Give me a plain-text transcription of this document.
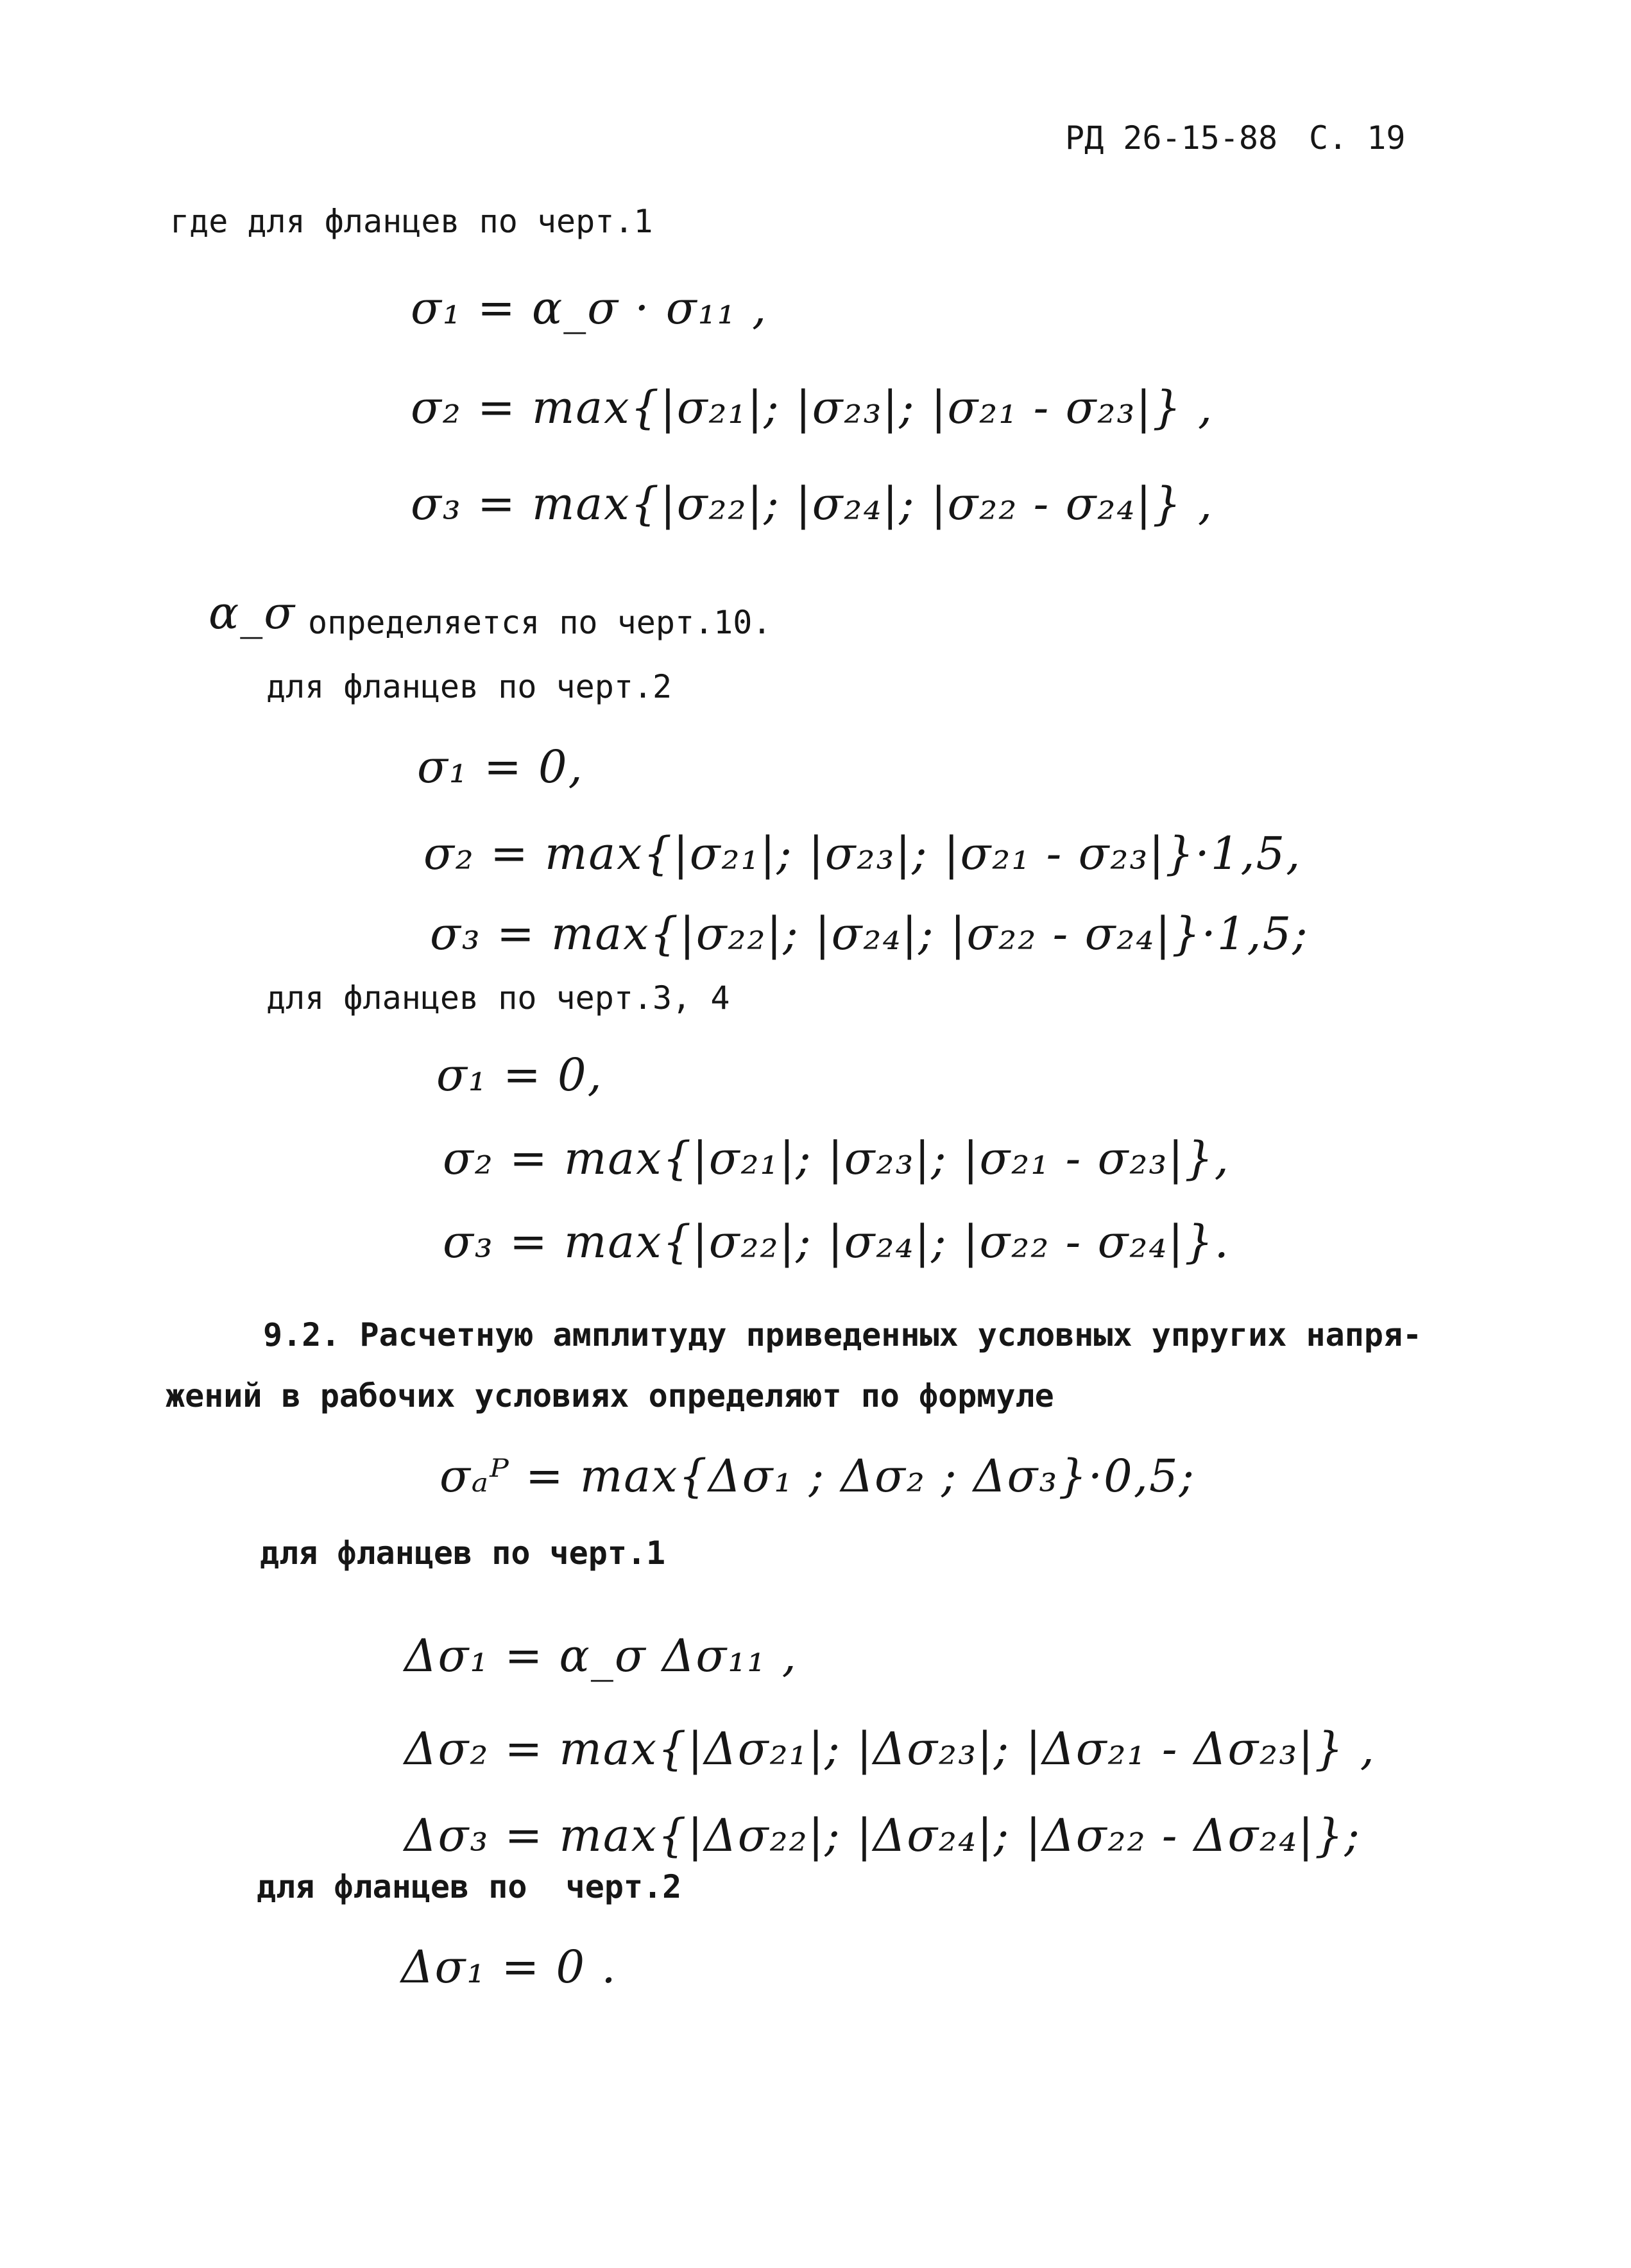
РД 26-15-88 С. 19
где для фланцев по черт.1
σ₁ = α_σ · σ₁₁ ,
σ₂ = max{|σ₂₁|; |σ₂₃|; |σ₂₁ - σ₂₃|} ,
σ₃ = max{|σ₂₂|; |σ₂₄|; |σ₂₂ - σ₂₄|} ,
α_σ определяется по черт.10.
для фланцев по черт.2
σ₁ = 0,
σ₂ = max{|σ₂₁|; |σ₂₃|; |σ₂₁ - σ₂₃|}·1,5,
σ₃ = max{|σ₂₂|; |σ₂₄|; |σ₂₂ - σ₂₄|}·1,5;
для фланцев по черт.3, 4
σ₁ = 0,
σ₂ = max{|σ₂₁|; |σ₂₃|; |σ₂₁ - σ₂₃|},
σ₃ = max{|σ₂₂|; |σ₂₄|; |σ₂₂ - σ₂₄|}.
9.2. Расчетную амплитуду приведенных условных упругих напря-
жений в рабочих условиях определяют по формуле
σₐᴾ = max{Δσ₁ ; Δσ₂ ; Δσ₃}·0,5;
для фланцев по черт.1
Δσ₁ = α_σ Δσ₁₁ ,
Δσ₂ = max{|Δσ₂₁|; |Δσ₂₃|; |Δσ₂₁ - Δσ₂₃|} ,
Δσ₃ = max{|Δσ₂₂|; |Δσ₂₄|; |Δσ₂₂ - Δσ₂₄|};
для фланцев по  черт.2
Δσ₁ = 0 .
